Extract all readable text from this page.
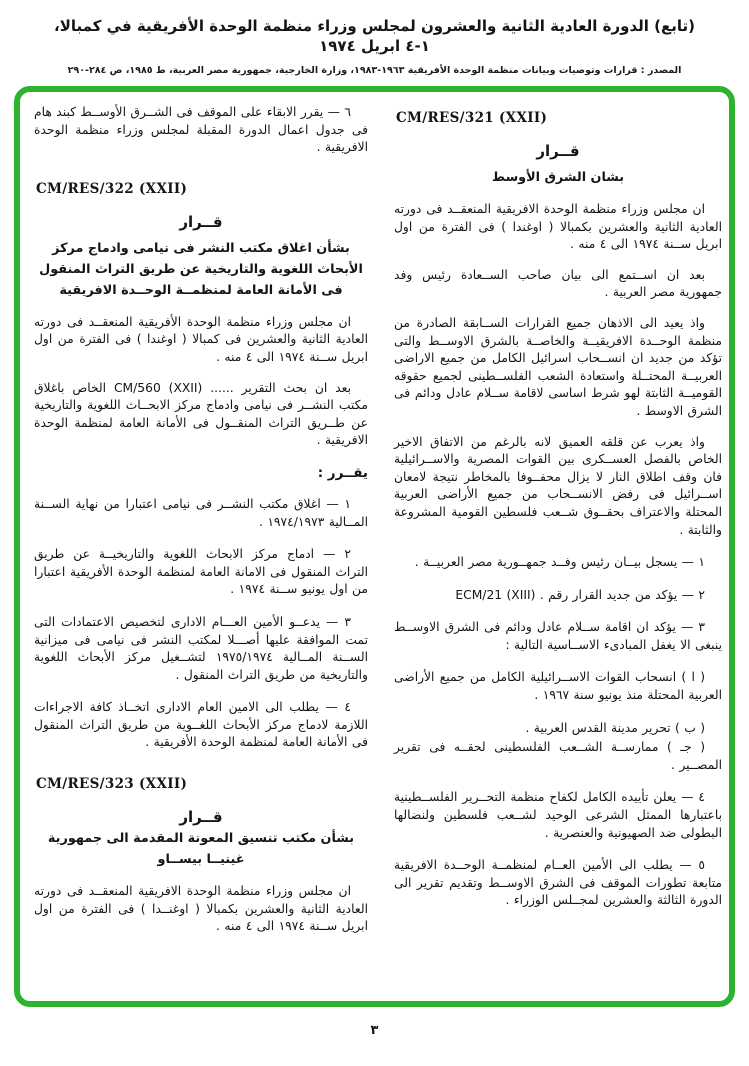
(تابع) الدورة العادية الثانية والعشرون لمجلس وزراء منظمة الوحدة الأفريقية في كمبالا، ١-٤ ابريل ١٩٧٤
المصدر : قرارات وتوصيات وبيانات منظمة الوحدة الأفريقية ١٩٦٣-١٩٨٣، وزارة الخارجية، جمهورية مصر العربية، ط ١٩٨٥، ص ٢٨٤-٢٩٠
CM/RES/321 (XXII)
قــرار
بشان الشرق الأوسط

ان مجلس وزراء منظمة الوحدة الافريقية المنعقــد فى دورته العادية الثانية والعشرين بكمبالا ( اوغندا ) فى الفترة من اول ابريل ســنة ١٩٧٤ الى ٤ منه .

بعد ان اســتمع الى بيان صاحب الســعادة رئيس وفد جمهورية مصر العربية .

واذ يعيد الى الاذهان جميع القرارات الســابقة الصادرة من منظمة الوحــدة الافريقيــة والخاصــة بالشرق الاوســط والتى تؤكد من جديد ان انســحاب اسرائيل الكامل من جميع الاراضى العربيــة المحتــلة واستعادة الشعب الفلســطينى لجميع حقوقه القوميــة الثابتة لهو شرط اساسى لاقامة ســلام عادل ودائم فى الشرق الاوسط .

واذ يعرب عن قلقه العميق لانه بالرغم من الاتفاق الاخير الخاص بالفصل العســكرى بين القوات المصرية والاســرائيلية فان وقف اطلاق النار لا يزال محفــوفا بالمخاطر نتيجة لامعان اســرائيل فى رفض الانســحاب من جميع الأراضى العربية المحتلة والاعتراف بحقــوق شــعب فلسطين القومية المشروعة والثابتة .

١ — يسجل بيــان رئيس وفــد جمهــورية مصر العربيــة .

٢ — يؤكد من جديد القرار رقم . ECM/21 (XIII)

٣ — يؤكد ان اقامة ســلام عادل ودائم فى الشرق الاوســط ينبغى الا يغفل المبادىء الاســاسية التالية :

( ا ) انسحاب القوات الاســرائيلية الكامل من جميع الأراضى العربية المحتلة منذ يونيو سنة ١٩٦٧ .

( ب ) تحرير مدينة القدس العربية .

( جـ ) ممارســة الشــعب الفلسطينى لحقــه فى تقرير المصــير .

٤ — يعلن تأييده الكامل لكفاح منظمة التحــرير الفلســطينية باعتبارها الممثل الشرعى الوحيد لشــعب فلسطين ولنضالها البطولى ضد الصهيونية والعنصرية .

٥ — يطلب الى الأمين العــام لمنظمــة الوحــدة الافريقية متابعة تطورات الموقف فى الشرق الاوســط وتقديم تقرير الى الدورة الثالثة والعشرين لمجــلس الوزراء .

٦ — يقرر الابقاء على الموقف فى الشــرق الأوســط كبند هام فى جدول اعمال الدورة المقبلة لمجلس وزراء منظمة الوحدة الافريقية .

CM/RES/322 (XXII)
قــرار
بشأن اغلاق مكتب النشر فى نيامى وادماج مركز الأبحاث اللغوية والتاريخية عن طريق التراث المنقول فى الأمانة العامة لمنظمــة الوحــدة الافريقية

ان مجلس وزراء منظمة الوحدة الأفريقية المنعقــد فى دورته العادية الثانية والعشرين فى كمبالا ( اوغندا ) فى الفترة من اول ابريل ســنة ١٩٧٤ الى ٤ منه .

بعد ان بحث التقرير ...... CM/560 (XXII) الخاص باغلاق مكتب النشــر فى نيامى وادماج مركز الابحــاث اللغوية والتاريخية عن طــريق التراث المنقــول فى الأمانة العامة لمنظمة الوحدة الافريقية .

يقــرر :

١ — اغلاق مكتب النشــر فى نيامى اعتبارا من نهاية الســنة المــالية ١٩٧٤/١٩٧٣ .

٢ — ادماج مركز الابحاث اللغوية والتاريخيــة عن طريق التراث المنقول فى الامانة العامة لمنظمة الوحدة الأفريقية اعتبارا من اول يونيو ســنة ١٩٧٤ .

٣ — يدعــو الأمين العـــام الادارى لتخصيص الاعتمادات التى تمت الموافقة عليها أصـــلا لمكتب النشر فى نيامى فى ميزانية الســنة المــالية ١٩٧٥/١٩٧٤ لتشــغيل مركز الأبحاث اللغوية والتاريخية من طريق التراث المنقول .

٤ — يطلب الى الامين العام الادارى اتخــاذ كافة الاجراءات اللازمة لادماج مركز الأبحاث اللغــوية من طريق التراث المنقول فى الأمانة العامة لمنظمة الوحدة الأفريقية .

CM/RES/323 (XXII)
قــرار
بشأن مكتب تنسيق المعونة المقدمة الى جمهورية غينيــا بيســاو

ان مجلس وزراء منظمة الوحدة الافريقية المنعقــد فى دورته العادية الثانية والعشرين بكمبالا ( اوغنــدا ) فى الفترة من اول ابريل ســنة ١٩٧٤ الى ٤ منه .

٣
